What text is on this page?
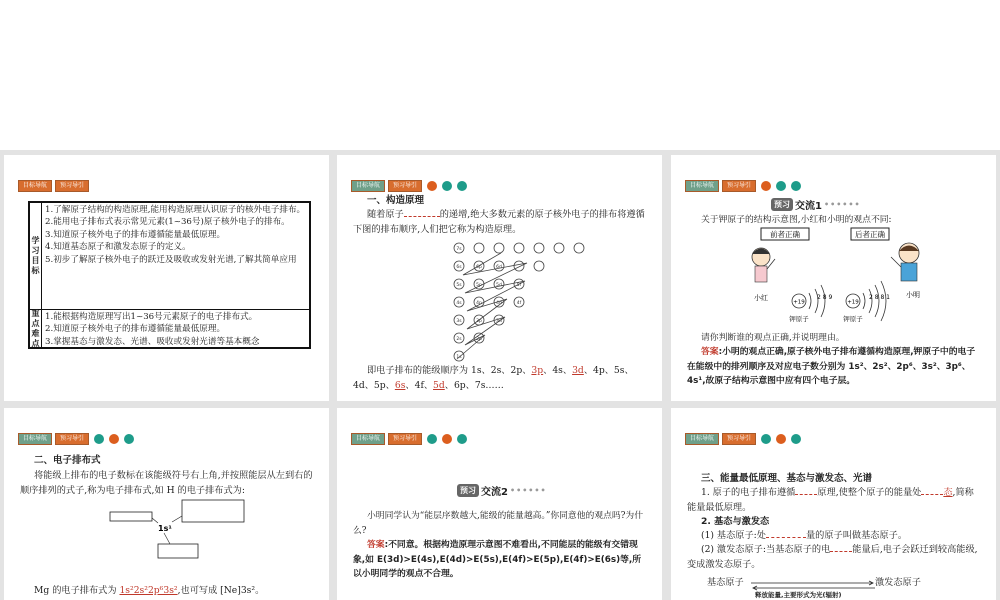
目标导航	预习导引
学习目标
1.了解原子结构的构造原理,能用构造原理认识原子的核外电子排布。
2.能用电子排布式表示常见元素(1~36号)原子核外电子的排布。
3.知道原子核外电子的排布遵循能量最低原理。
4.知道基态原子和激发态原子的定义。
5.初步了解原子核外电子的跃迁及吸收或发射光谱,了解其简单应用
重点难点
1.能根据构造原理写出1~36号元素原子的电子排布式。
2.知道原子核外电子的排布遵循能量最低原理。
3.掌握基态与激发态、光谱、吸收或发射光谱等基本概念
目标导航	预习导引
一、构造原理
随着原子	的递增,绝大多数元素的原子核外电子的排布将遵循下图的排布顺序,人们把它称为构造原理。
7s
6s	6p	6d
5s	5p	5d	5f
4s	4p	4d	4f
3s	3p	3d
2s	2p
1s
即电子排布的能级顺序为 1s、2s、2p、3p、4s、3d、4p、5s、4d、5p、6s、4f、5d、6p、7s……
目标导航	预习导引
预习 交流1 ••••••
关于钾原子的结构示意图,小红和小明的观点不同:
前者正确	后者正确
小红	小明
+19
2 8 9
+19
2 8 8 1
钾原子	钾原子
请你判断谁的观点正确,并说明理由。
答案:小明的观点正确,原子核外电子排布遵循构造原理,钾原子中的电子在能级中的排列顺序及对应电子数分别为 1s²、2s²、2p⁶、3s²、3p⁶、4s¹,故原子结构示意图中应有四个电子层。
目标导航	预习导引
二、电子排布式
将能级上排布的电子数标在该能级符号右上角,并按照能层从左到右的顺序排列的式子,称为电子排布式,如 H 的电子排布式为:
1s¹
Mg 的电子排布式为 1s²2s²2p⁶3s²,也可写成 [Ne]3s²。
目标导航	预习导引
预习 交流2 ••••••
小明同学认为“能层序数越大,能级的能量越高。”你同意他的观点吗?为什么?
答案:不同意。根据构造原理示意图不难看出,不同能层的能级有交错现象,如 E(3d)>E(4s),E(4d)>E(5s),E(4f)>E(5p),E(4f)>E(6s)等,所以小明同学的观点不合理。
目标导航	预习导引
三、能量最低原理、基态与激发态、光谱
1. 原子的电子排布遵循 原理,使整个原子的能量处 态,简称能量最低原理。
2. 基态与激发态
(1) 基态原子:处	量的原子叫做基态原子。
(2) 激发态原子:当基态原子的电 能量后,电子会跃迁到较高能级,变成激发态原子。
基态原子	激发态原子
释放能量,主要形式为光(辐射)
